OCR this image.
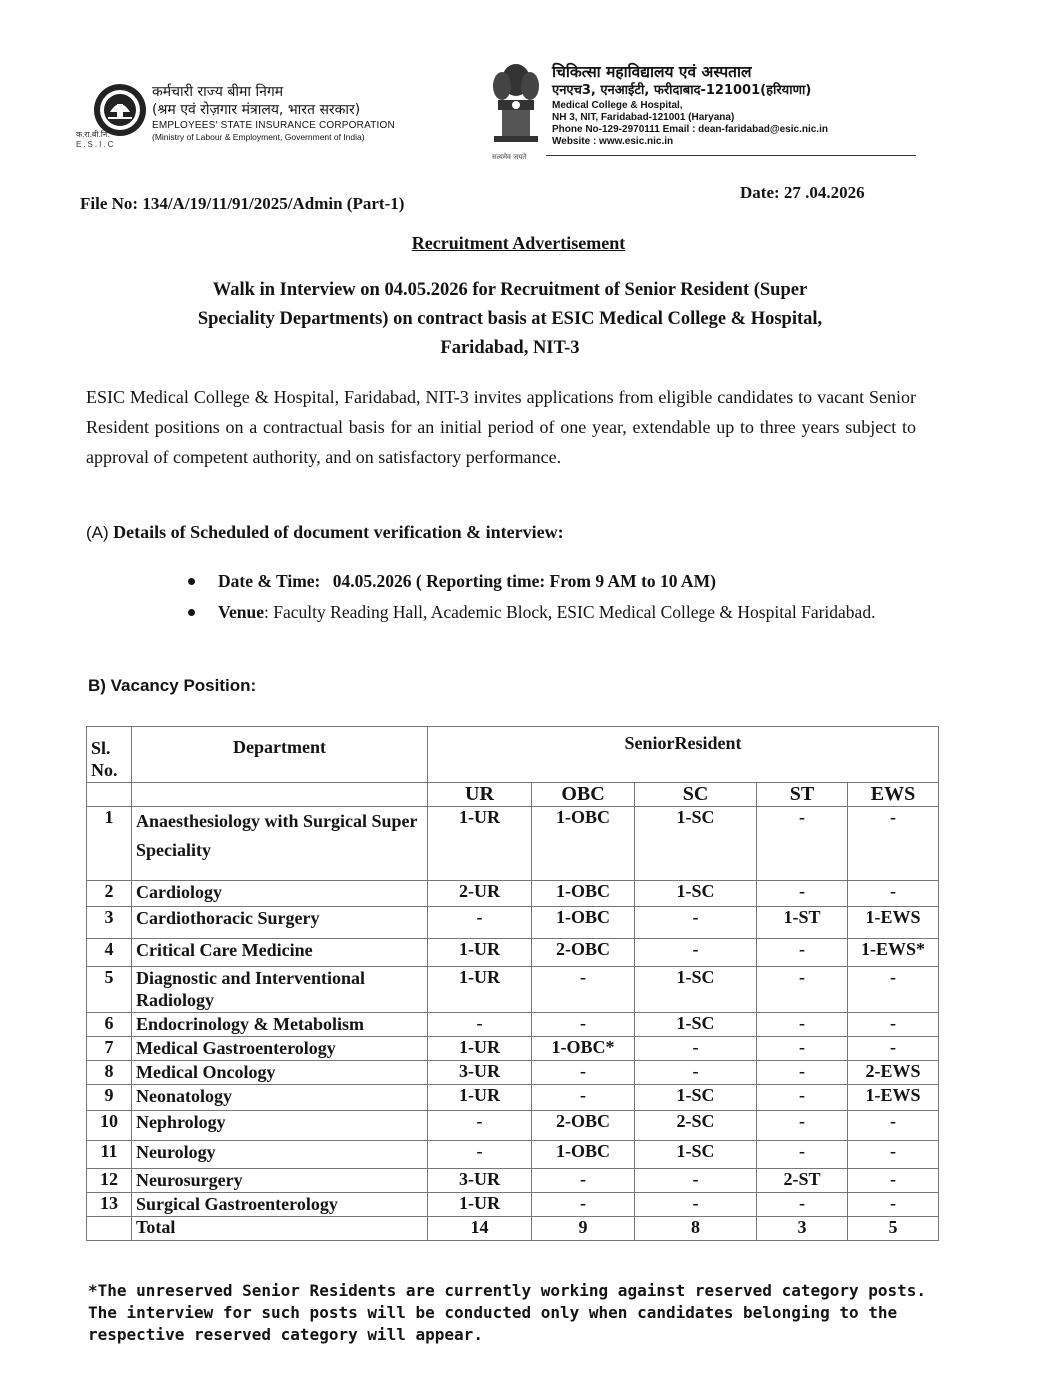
क.रा.बी.नि.
E.S.I.C
कर्मचारी राज्य बीमा निगम
(श्रम एवं रोज़गार मंत्रालय, भारत सरकार)
EMPLOYEES' STATE INSURANCE CORPORATION
(Ministry of Labour & Employment, Government of India)
सत्यमेव जयते
चिकित्सा महाविद्यालय एवं अस्पताल
एनएच3, एनआईटी, फरीदाबाद-121001(हरियाणा)
Medical College & Hospital,
NH 3, NIT, Faridabad-121001 (Haryana)
Phone No-129-2970111 Email : dean-faridabad@esic.nic.in
Website : www.esic.nic.in
File No: 134/A/19/11/91/2025/Admin (Part-1)
Date: 27 .04.2026
Recruitment Advertisement
Walk in Interview on 04.05.2026 for Recruitment of Senior Resident (Super
Speciality Departments) on contract basis at ESIC Medical College & Hospital,
Faridabad, NIT-3
ESIC Medical College & Hospital, Faridabad, NIT-3 invites applications from eligible candidates to vacant Senior Resident positions on a contractual basis for an initial period of one year, extendable up to three years subject to approval of competent authority, and on satisfactory performance.
(A) Details of Scheduled of document verification & interview:
Date & Time: 04.05.2026 ( Reporting time: From 9 AM to 10 AM)
Venue: Faculty Reading Hall, Academic Block, ESIC Medical College & Hospital Faridabad.
B) Vacancy Position:
Sl. No.	Department	SeniorResident				
		UR	OBC	SC	ST	EWS
1	Anaesthesiology with Surgical Super Speciality	1-UR	1-OBC	1-SC	-	-
2	Cardiology	2-UR	1-OBC	1-SC	-	-
3	Cardiothoracic Surgery	-	1-OBC	-	1-ST	1-EWS
4	Critical Care Medicine	1-UR	2-OBC	-	-	1-EWS*
5	Diagnostic and Interventional Radiology	1-UR	-	1-SC	-	-
6	Endocrinology & Metabolism	-	-	1-SC	-	-
7	Medical Gastroenterology	1-UR	1-OBC*	-	-	-
8	Medical Oncology	3-UR	-	-	-	2-EWS
9	Neonatology	1-UR	-	1-SC	-	1-EWS
10	Nephrology	-	2-OBC	2-SC	-	-
11	Neurology	-	1-OBC	1-SC	-	-
12	Neurosurgery	3-UR	-	-	2-ST	-
13	Surgical Gastroenterology	1-UR	-	-	-	-
	Total	14	9	8	3	5
*The unreserved Senior Residents are currently working against reserved category posts. The interview for such posts will be conducted only when candidates belonging to the respective reserved category will appear.
